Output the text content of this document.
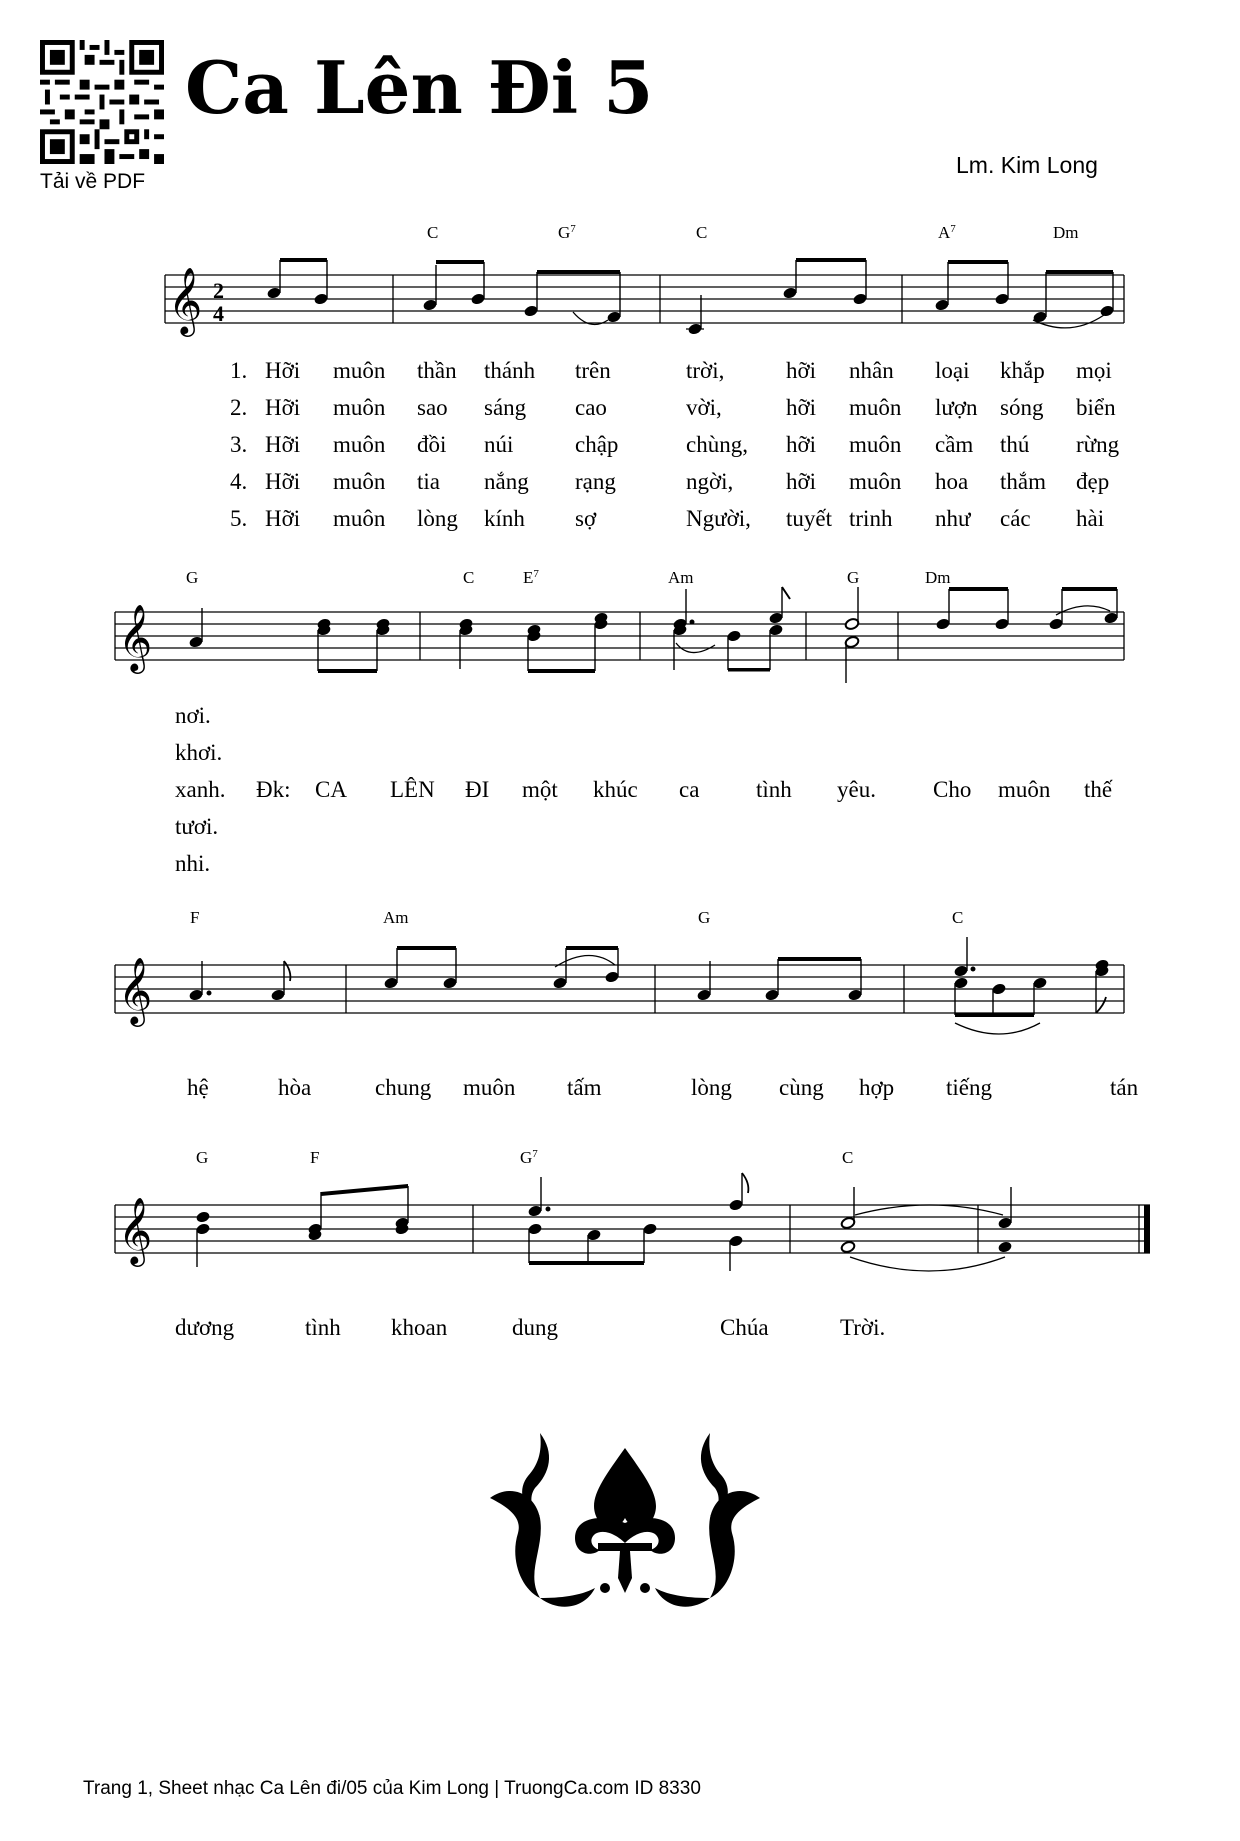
Tải về PDF
Ca Lên Đi 5
Lm. Kim Long
C	$G^7$	C	$A^7$	Dm
𝄞 2
4
1. Hỡi muôn thần thánh trên	trời,	hỡi nhân loại khắp mọi
2. Hỡi muôn sao sáng cao	vời,	hỡi muôn lượn sóng biển
3. Hỡi muôn đồi núi	chập	chùng, hỡi muôn cầm thú rừng
4. Hỡi muôn tia nắng rạng	ngời, hỡi muôn hoa thắm đẹp
5. Hỡi muôn lòng kính sợ	Người, tuyết trinh như các hài
G	C	$E^7$	Am	G	Dm
𝄞
nơi.
khơi.
xanh. Đk: CA LÊN ĐI một khúc ca tình yêu. Cho muôn thế
tươi.
nhi.
F	Am	G	C
𝄞
hệ	hòa	chung muôn tấm	lòng cùng hợp tiếng	tán
G	F	$G^7$	C
𝄞
dương	tình khoan	dung	Chúa	Trời.
Trang 1, Sheet nhạc Ca Lên đi/05 của Kim Long | TruongCa.com ID 8330
